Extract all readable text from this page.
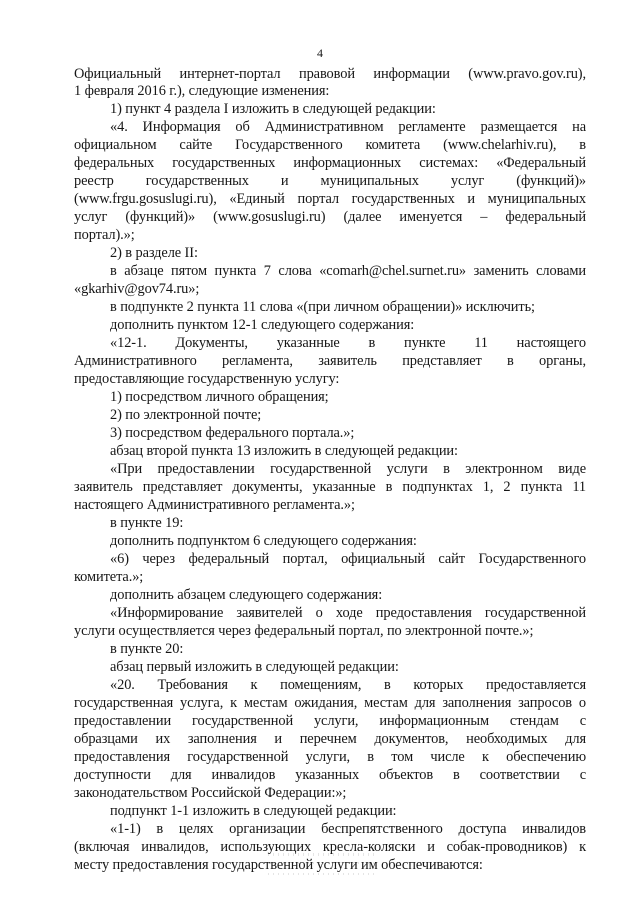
4
Официальный интернет-портал правовой информации (www.pravo.gov.ru),
1 февраля 2016 г.), следующие изменения:
1) пункт 4 раздела I изложить в следующей редакции:
«4. Информация об Административном регламенте размещается на
официальном сайте Государственного комитета (www.chelarhiv.ru), в
федеральных государственных информационных системах: «Федеральный
реестр государственных и муниципальных услуг (функций)»
(www.frgu.gosuslugi.ru), «Единый портал государственных и муниципальных
услуг (функций)» (www.gosuslugi.ru) (далее именуется – федеральный
портал).»;
2) в разделе II:
в абзаце пятом пункта 7 слова «comarh@chel.surnet.ru» заменить словами
«gkarhiv@gov74.ru»;
в подпункте 2 пункта 11 слова «(при личном обращении)» исключить;
дополнить пунктом 12-1 следующего содержания:
«12-1. Документы, указанные в пункте 11 настоящего
Административного регламента, заявитель представляет в органы,
предоставляющие государственную услугу:
1) посредством личного обращения;
2) по электронной почте;
3) посредством федерального портала.»;
абзац второй пункта 13 изложить в следующей редакции:
«При предоставлении государственной услуги в электронном виде
заявитель представляет документы, указанные в подпунктах 1, 2 пункта 11
настоящего Административного регламента.»;
в пункте 19:
дополнить подпунктом 6 следующего содержания:
«6) через федеральный портал, официальный сайт Государственного
комитета.»;
дополнить абзацем следующего содержания:
«Информирование заявителей о ходе предоставления государственной
услуги осуществляется через федеральный портал, по электронной почте.»;
в пункте 20:
абзац первый изложить в следующей редакции:
«20. Требования к помещениям, в которых предоставляется
государственная услуга, к местам ожидания, местам для заполнения запросов о
предоставлении государственной услуги, информационным стендам с
образцами их заполнения и перечнем документов, необходимых для
предоставления государственной услуги, в том числе к обеспечению
доступности для инвалидов указанных объектов в соответствии с
законодательством Российской Федерации:»;
подпункт 1-1 изложить в следующей редакции:
«1-1) в целях организации беспрепятственного доступа инвалидов
(включая инвалидов, использующих кресла-коляски и собак-проводников) к
месту предоставления государственной услуги им обеспечиваются:
